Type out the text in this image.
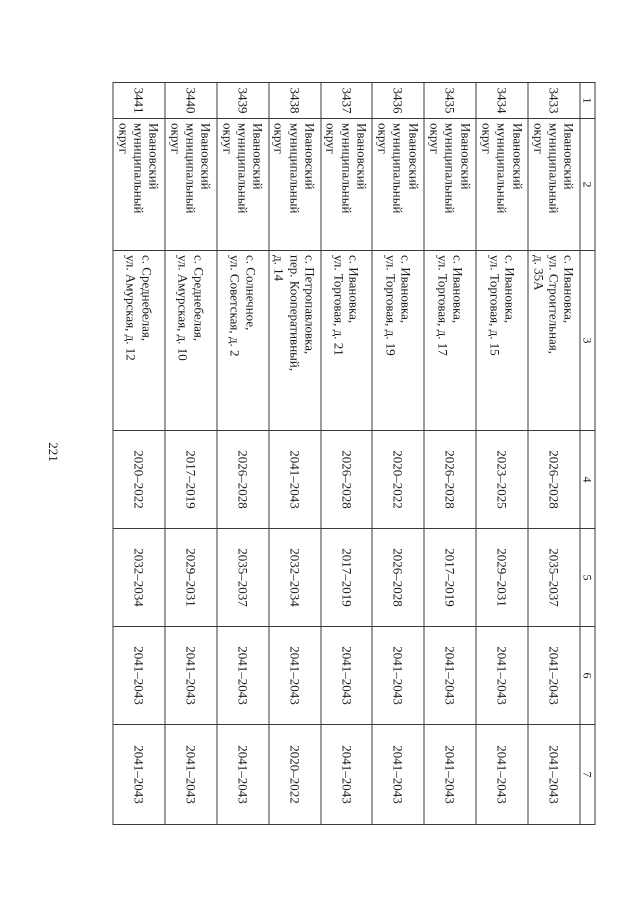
221
1	2	3	4	5	6	7
3433	Ивановский
муниципальный
округ	с. Ивановка,
ул. Строительная,
д. 35А	2026–2028	2035–2037	2041–2043	2041–2043
3434	Ивановский
муниципальный
округ	с. Ивановка,
ул. Торговая, д. 15	2023–2025	2029–2031	2041–2043	2041–2043
3435	Ивановский
муниципальный
округ	с. Ивановка,
ул. Торговая, д. 17	2026–2028	2017–2019	2041–2043	2041–2043
3436	Ивановский
муниципальный
округ	с. Ивановка,
ул. Торговая, д. 19	2020–2022	2026–2028	2041–2043	2041–2043
3437	Ивановский
муниципальный
округ	с. Ивановка,
ул. Торговая, д. 21	2026–2028	2017–2019	2041–2043	2041–2043
3438	Ивановский
муниципальный
округ	с. Петропавловка,
пер. Кооперативный,
д. 14	2041–2043	2032–2034	2041–2043	2020–2022
3439	Ивановский
муниципальный
округ	с. Солнечное,
ул. Советская, д. 2	2026–2028	2035–2037	2041–2043	2041–2043
3440	Ивановский
муниципальный
округ	с. Среднебелая,
ул. Амурская, д. 10	2017–2019	2029–2031	2041–2043	2041–2043
3441	Ивановский
муниципальный
округ	с. Среднебелая,
ул. Амурская, д. 12	2020–2022	2032–2034	2041–2043	2041–2043
